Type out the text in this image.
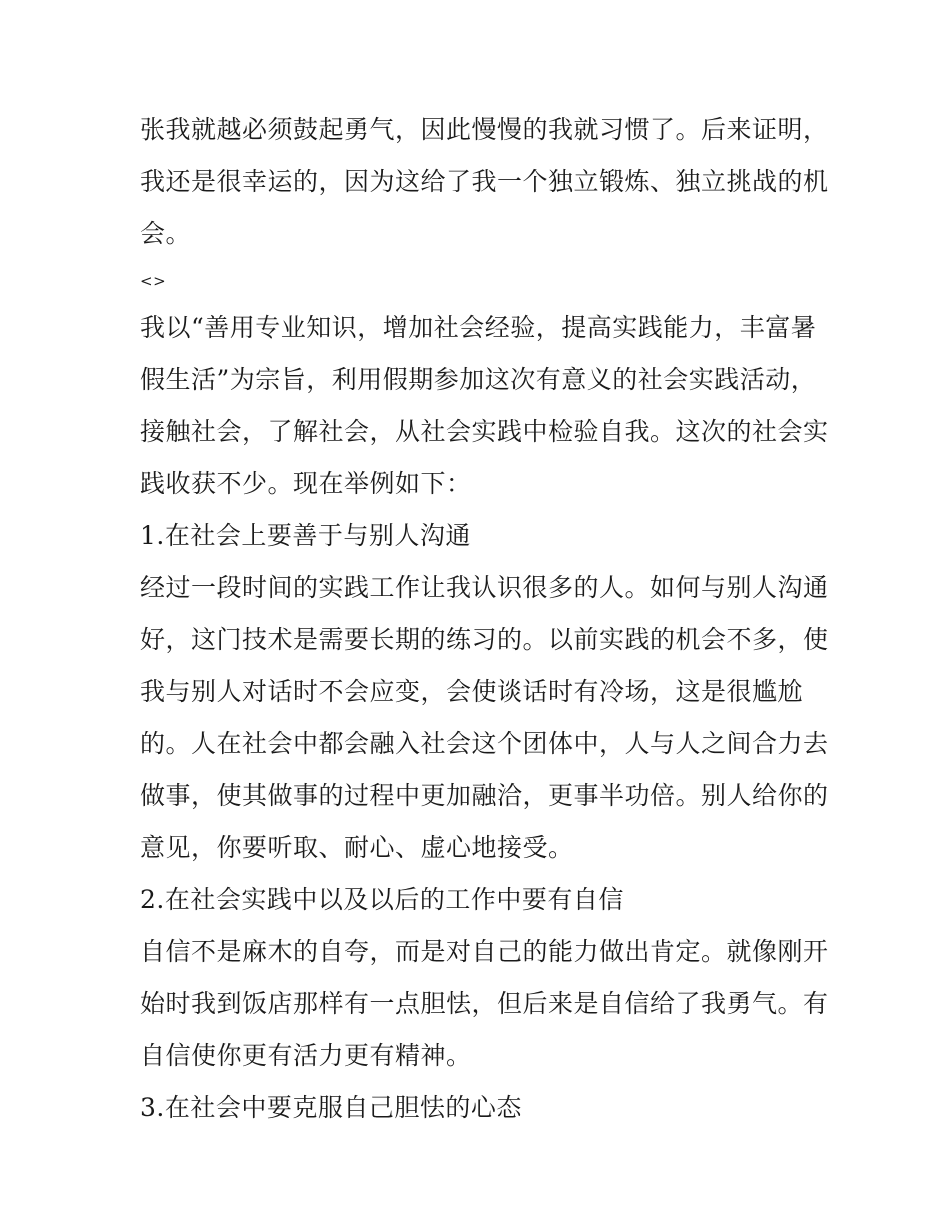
张我就越必须鼓起勇气，因此慢慢的我就习惯了。后来证明，
我还是很幸运的，因为这给了我一个独立锻炼、独立挑战的机
会。
<>
我以“善用专业知识，增加社会经验，提高实践能力，丰富暑
假生活”为宗旨，利用假期参加这次有意义的社会实践活动，
接触社会，了解社会，从社会实践中检验自我。这次的社会实
践收获不少。现在举例如下：
1.在社会上要善于与别人沟通
经过一段时间的实践工作让我认识很多的人。如何与别人沟通
好，这门技术是需要长期的练习的。以前实践的机会不多，使
我与别人对话时不会应变，会使谈话时有冷场，这是很尴尬
的。人在社会中都会融入社会这个团体中，人与人之间合力去
做事，使其做事的过程中更加融洽，更事半功倍。别人给你的
意见，你要听取、耐心、虚心地接受。
2.在社会实践中以及以后的工作中要有自信
自信不是麻木的自夸，而是对自己的能力做出肯定。就像刚开
始时我到饭店那样有一点胆怯，但后来是自信给了我勇气。有
自信使你更有活力更有精神。
3.在社会中要克服自己胆怯的心态
